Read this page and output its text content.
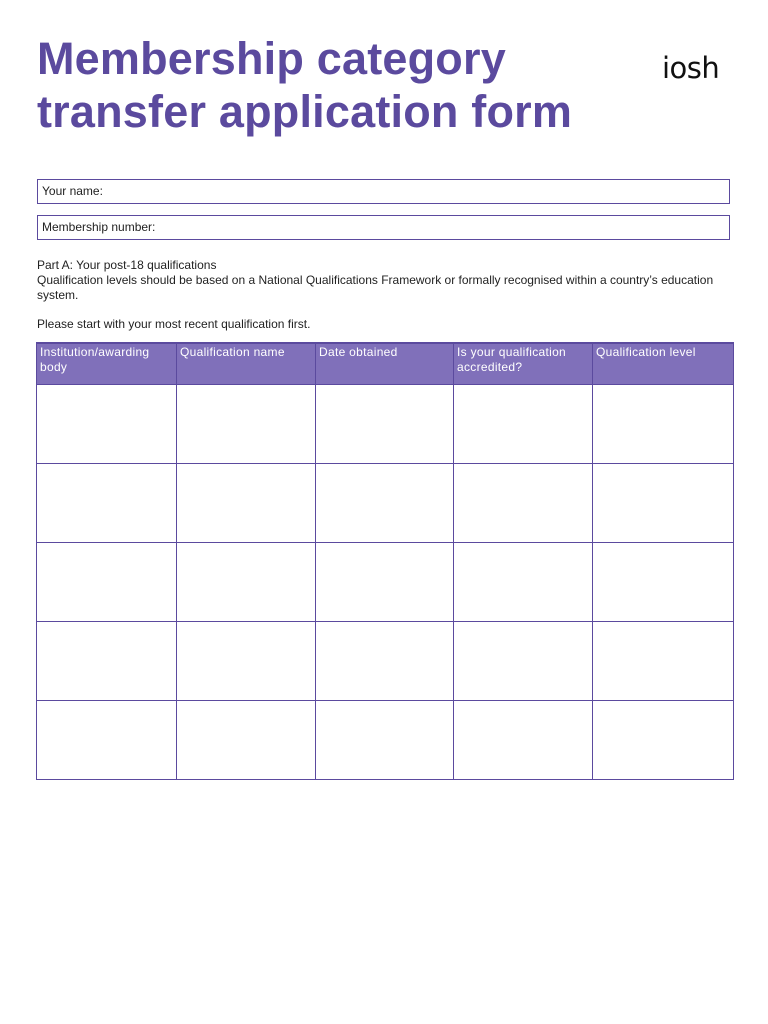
Membership category
transfer application form
iosh
Your name:
Membership number:

Part A: Your post-18 qualifications

Qualification levels should be based on a National Qualifications Framework or formally recognised within a country’s education system.

Please start with your most recent qualification first.

Institution/awarding body	Qualification name	Date obtained	Is your qualification accredited?	Qualification level
